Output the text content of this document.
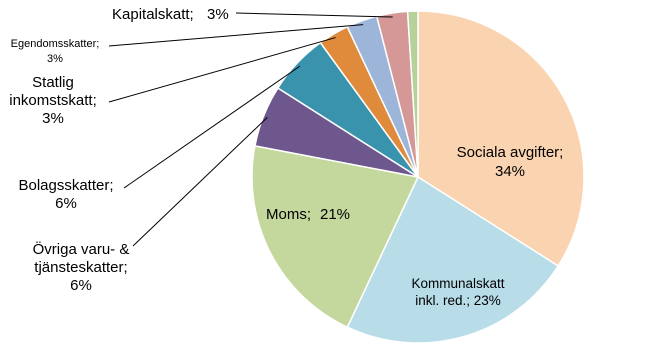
Sociala avgifter;
34%
Kommunalskatt
inkl. red.; 23%
Moms; 21%
Kapitalskatt; 3%
Egendomsskatter;
3%
Statlig
inkomstskatt;
3%
Bolagsskatter;
6%
Övriga varu- &
tjänsteskatter;
6%
